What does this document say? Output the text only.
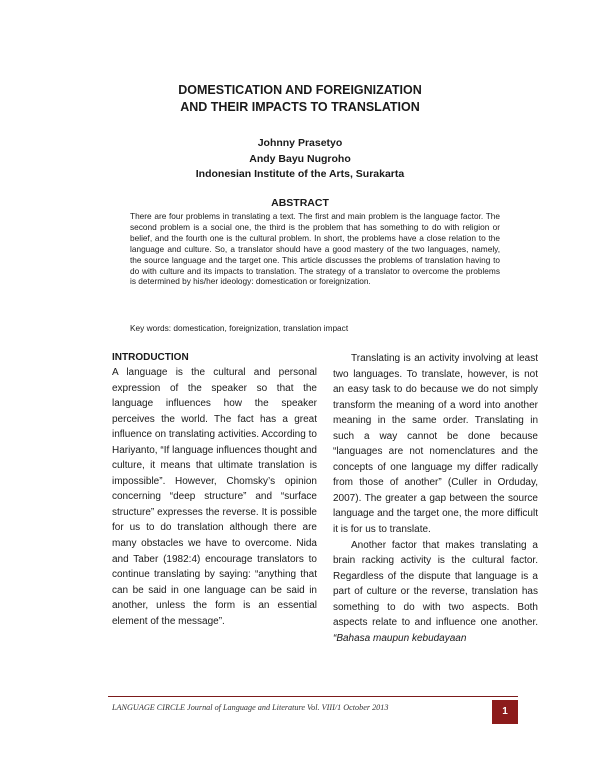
DOMESTICATION AND FOREIGNIZATION
AND THEIR IMPACTS TO TRANSLATION
Johnny Prasetyo
Andy Bayu Nugroho
Indonesian Institute of the Arts, Surakarta
ABSTRACT

There are four problems in translating a text. The first and main problem is the language factor. The second problem is a social one, the third is the problem that has something to do with religion or belief, and the fourth one is the cultural problem. In short, the problems have a close relation to the language and culture. So, a translator should have a good mastery of the two languages, namely, the source language and the target one. This article discusses the problems of translation having to do with culture and its impacts to translation. The strategy of a translator to overcome the problems is determined by his/her ideology: domestication or foreignization.

Key words: domestication, foreignization, translation impact

INTRODUCTION

A language is the cultural and personal expression of the speaker so that the language influences how the speaker perceives the world. The fact has a great influence on translating activities. According to Hariyanto, “If language influences thought and culture, it means that ultimate translation is impossible”. However, Chomsky’s opinion concerning “deep structure” and “surface structure” expresses the reverse. It is possible for us to do translation although there are many obstacles we have to overcome. Nida and Taber (1982:4) encourage translators to continue translating by saying: “anything that can be said in one language can be said in another, unless the form is an essential element of the message”.

Translating is an activity involving at least two languages. To translate, however, is not an easy task to do because we do not simply transform the meaning of a word into another meaning in the same order. Translating in such a way cannot be done because “languages are not nomenclatures and the concepts of one language my differ radically from those of another” (Culler in Orduday, 2007). The greater a gap between the source language and the target one, the more difficult it is for us to translate.

Another factor that makes translating a brain racking activity is the cultural factor. Regardless of the dispute that language is a part of culture or the reverse, translation has something to do with two aspects. Both aspects relate to and influence one another. “Bahasa maupun kebudayaan

LANGUAGE CIRCLE Journal of Language and Literature Vol. VIII/1 October 2013	1
